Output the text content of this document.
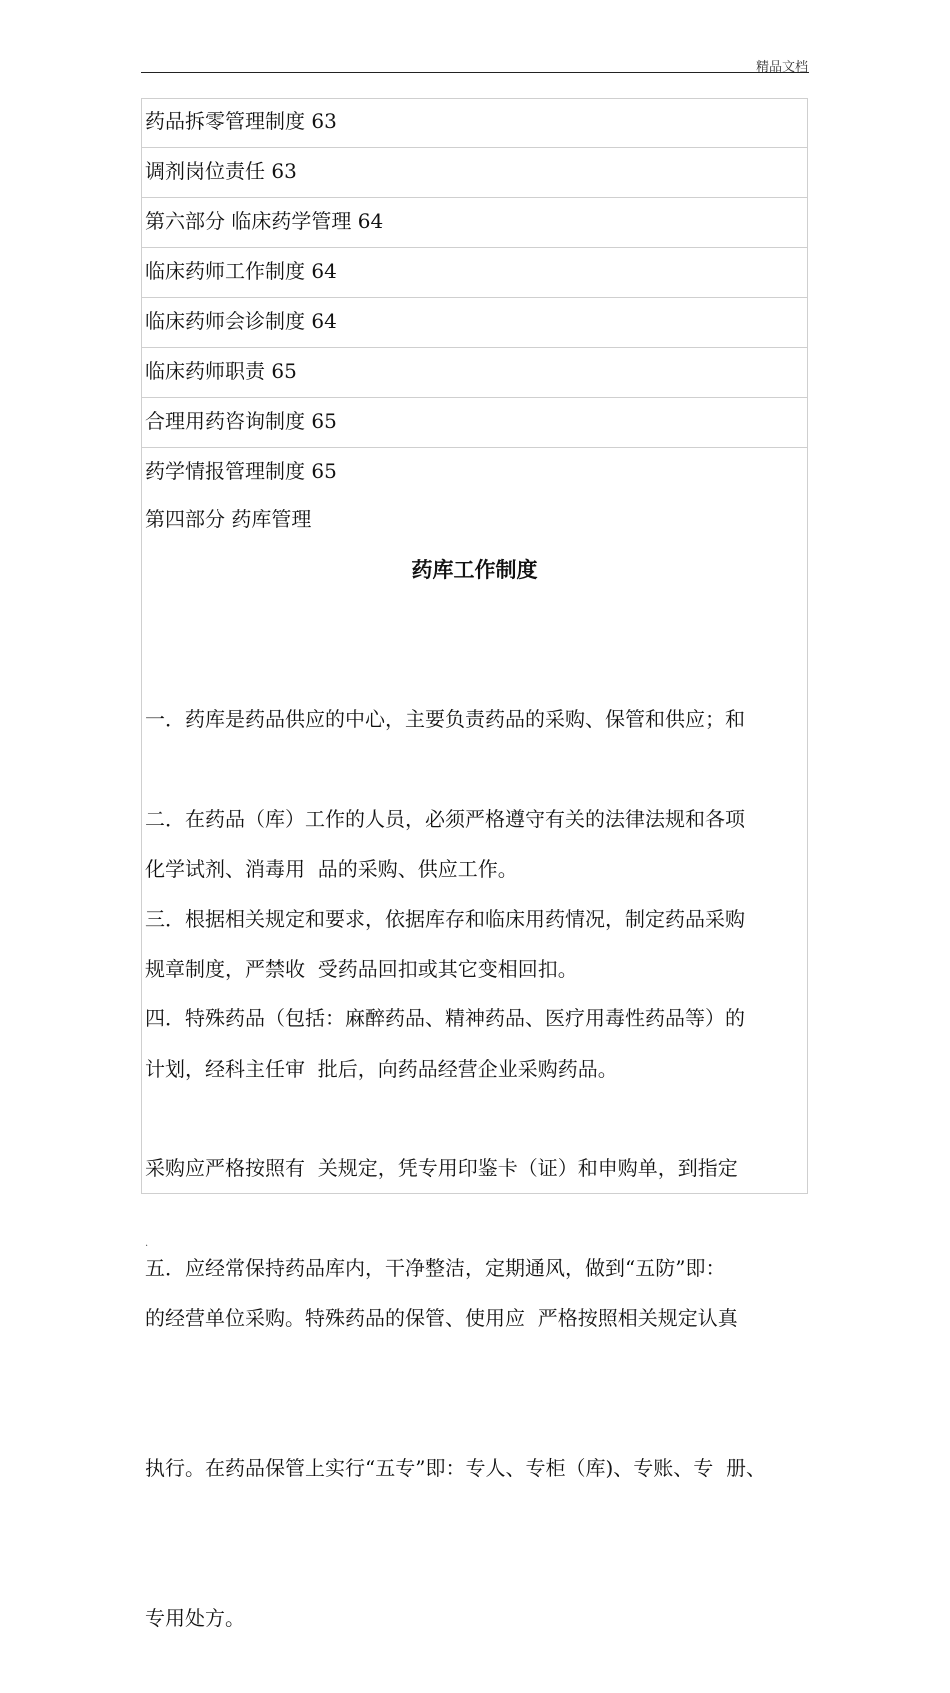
精品文档
药品拆零管理制度 63
调剂岗位责任 63
第六部分 临床药学管理 64
临床药师工作制度 64
临床药师会诊制度 64
临床药师职责 65
合理用药咨询制度 65
药学情报管理制度 65
第四部分 药库管理
药库工作制度

一．药库是药品供应的中心，主要负责药品的采购、保管和供应；和

化学试剂、消毒用  品的采购、供应工作。

二．在药品（库）工作的人员，必须严格遵守有关的法律法规和各项

规章制度，严禁收  受药品回扣或其它变相回扣。

三．根据相关规定和要求，依据库存和临床用药情况，制定药品采购

计划，经科主任审  批后，向药品经营企业采购药品。

四．特殊药品（包括：麻醉药品、精神药品、医疗用毒性药品等）的

采购应严格按照有  关规定，凭专用印鉴卡（证）和申购单，到指定

的经营单位采购。特殊药品的保管、使用应  严格按照相关规定认真

执行。在药品保管上实行“五专”即：专人、专柜（库)、专账、专  册、

专用处方。

五．应经常保持药品库内，干净整洁，定期通风，做到“五防”即：

.
